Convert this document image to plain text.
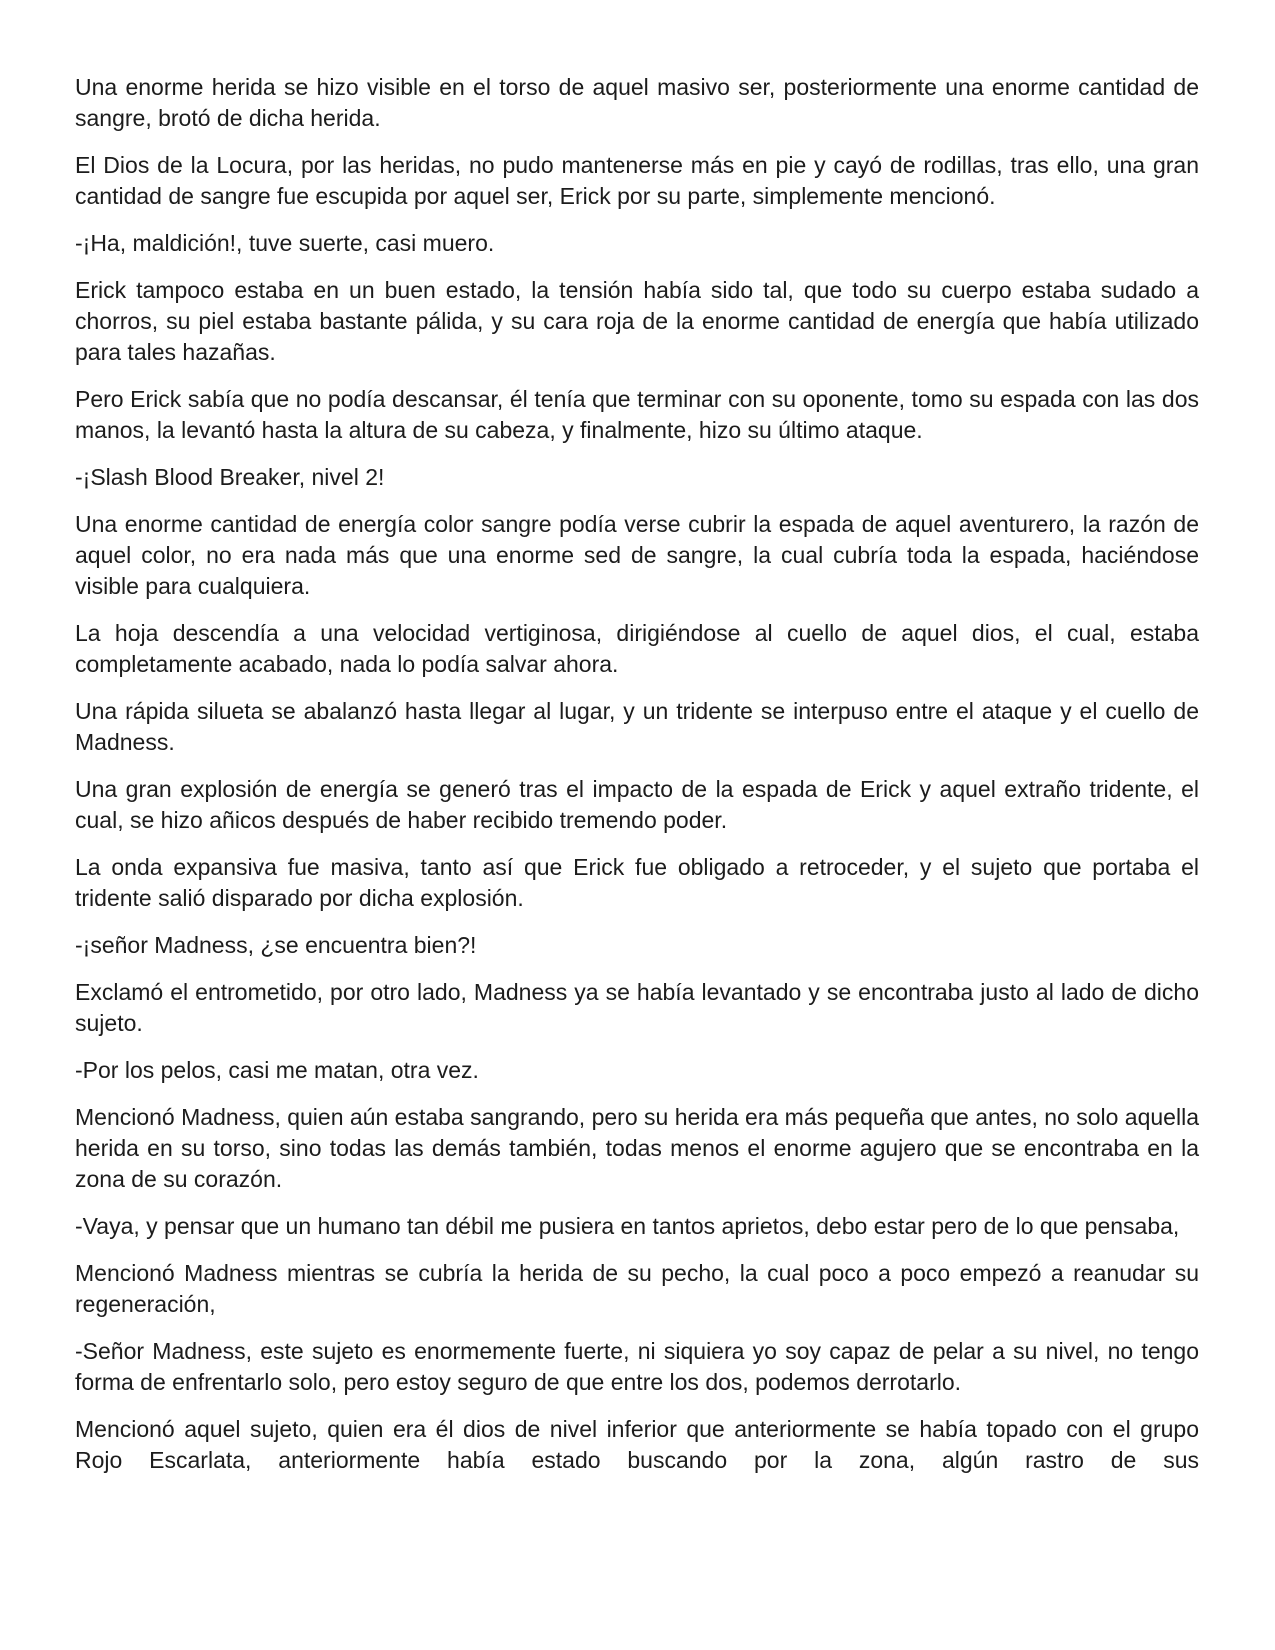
Una enorme herida se hizo visible en el torso de aquel masivo ser, posteriormente una enorme cantidad de sangre, brotó de dicha herida.

El Dios de la Locura, por las heridas, no pudo mantenerse más en pie y cayó de rodillas, tras ello, una gran cantidad de sangre fue escupida por aquel ser, Erick por su parte, simplemente mencionó.

-¡Ha, maldición!, tuve suerte, casi muero.

Erick tampoco estaba en un buen estado, la tensión había sido tal, que todo su cuerpo estaba sudado a chorros, su piel estaba bastante pálida, y su cara roja de la enorme cantidad de energía que había utilizado para tales hazañas.

Pero Erick sabía que no podía descansar, él tenía que terminar con su oponente, tomo su espada con las dos manos, la levantó hasta la altura de su cabeza, y finalmente, hizo su último ataque.

-¡Slash Blood Breaker, nivel 2!

Una enorme cantidad de energía color sangre podía verse cubrir la espada de aquel aventurero, la razón de aquel color, no era nada más que una enorme sed de sangre, la cual cubría toda la espada, haciéndose visible para cualquiera.

La hoja descendía a una velocidad vertiginosa, dirigiéndose al cuello de aquel dios, el cual, estaba completamente acabado, nada lo podía salvar ahora.

Una rápida silueta se abalanzó hasta llegar al lugar, y un tridente se interpuso entre el ataque y el cuello de Madness.

Una gran explosión de energía se generó tras el impacto de la espada de Erick y aquel extraño tridente, el cual, se hizo añicos después de haber recibido tremendo poder.

La onda expansiva fue masiva, tanto así que Erick fue obligado a retroceder, y el sujeto que portaba el tridente salió disparado por dicha explosión.

-¡señor Madness, ¿se encuentra bien?!

Exclamó el entrometido, por otro lado, Madness ya se había levantado y se encontraba justo al lado de dicho sujeto.

-Por los pelos, casi me matan, otra vez.

Mencionó Madness, quien aún estaba sangrando, pero su herida era más pequeña que antes, no solo aquella herida en su torso, sino todas las demás también, todas menos el enorme agujero que se encontraba en la zona de su corazón.

-Vaya, y pensar que un humano tan débil me pusiera en tantos aprietos, debo estar pero de lo que pensaba,

Mencionó Madness mientras se cubría la herida de su pecho, la cual poco a poco empezó a reanudar su regeneración,

-Señor Madness, este sujeto es enormemente fuerte, ni siquiera yo soy capaz de pelar a su nivel, no tengo forma de enfrentarlo solo, pero estoy seguro de que entre los dos, podemos derrotarlo.

Mencionó aquel sujeto, quien era él dios de nivel inferior que anteriormente se había topado con el grupo Rojo Escarlata, anteriormente había estado buscando por la zona, algún rastro de sus
